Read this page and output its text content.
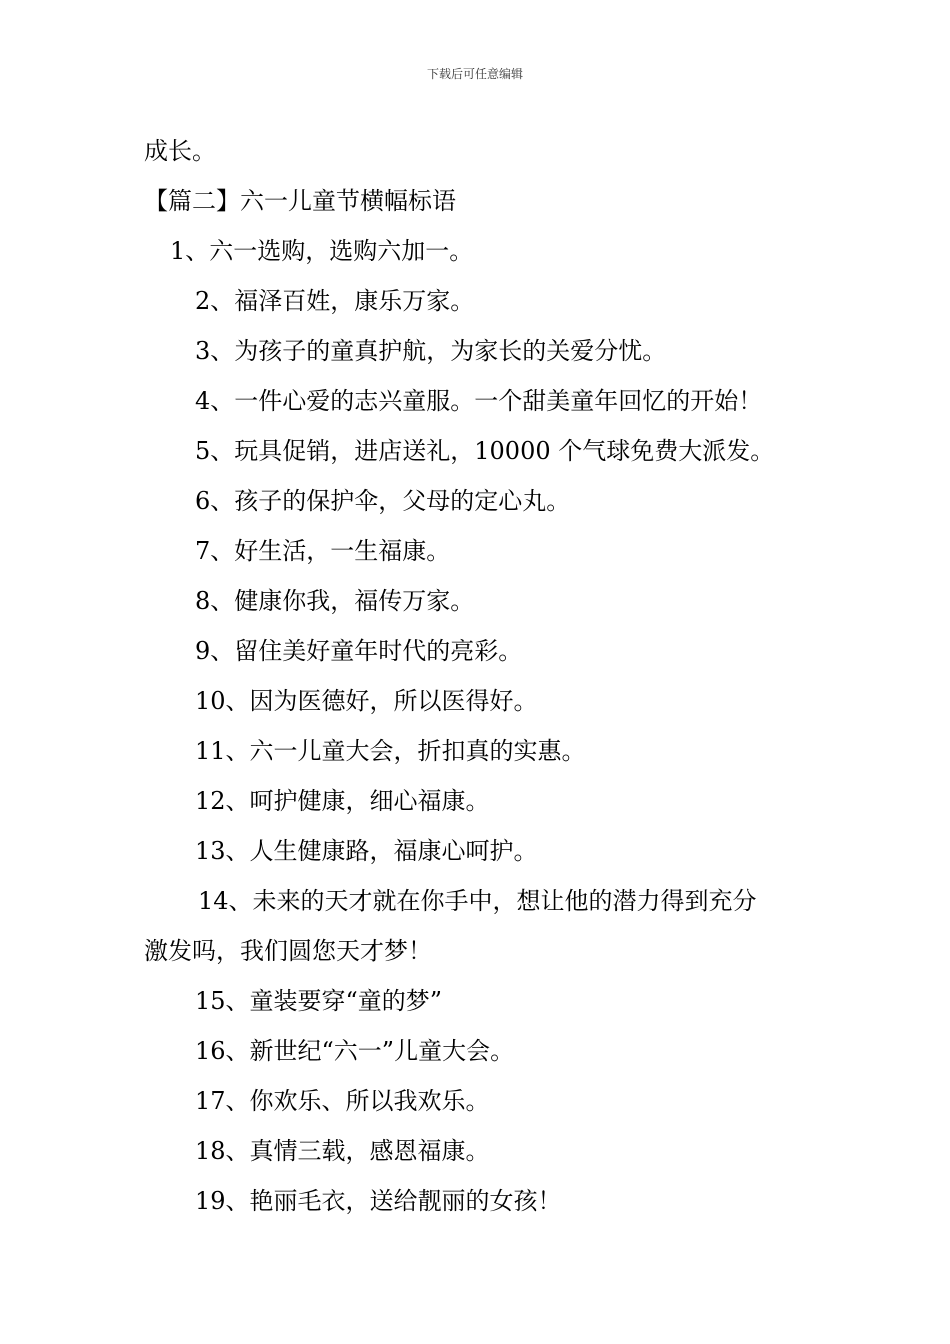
下载后可任意编辑
成长。
【篇二】六一儿童节横幅标语
1、六一选购，选购六加一。
2、福泽百姓，康乐万家。
3、为孩子的童真护航，为家长的关爱分忧。
4、一件心爱的志兴童服。一个甜美童年回忆的开始！
5、玩具促销，进店送礼，10000 个气球免费大派发。
6、孩子的保护伞，父母的定心丸。
7、好生活，一生福康。
8、健康你我，福传万家。
9、留住美好童年时代的亮彩。
10、因为医德好，所以医得好。
11、六一儿童大会，折扣真的实惠。
12、呵护健康，细心福康。
13、人生健康路，福康心呵护。
14、未来的天才就在你手中，想让他的潜力得到充分
激发吗，我们圆您天才梦！
15、童装要穿“童的梦”
16、新世纪“六一”儿童大会。
17、你欢乐、所以我欢乐。
18、真情三载，感恩福康。
19、艳丽毛衣，送给靓丽的女孩！
